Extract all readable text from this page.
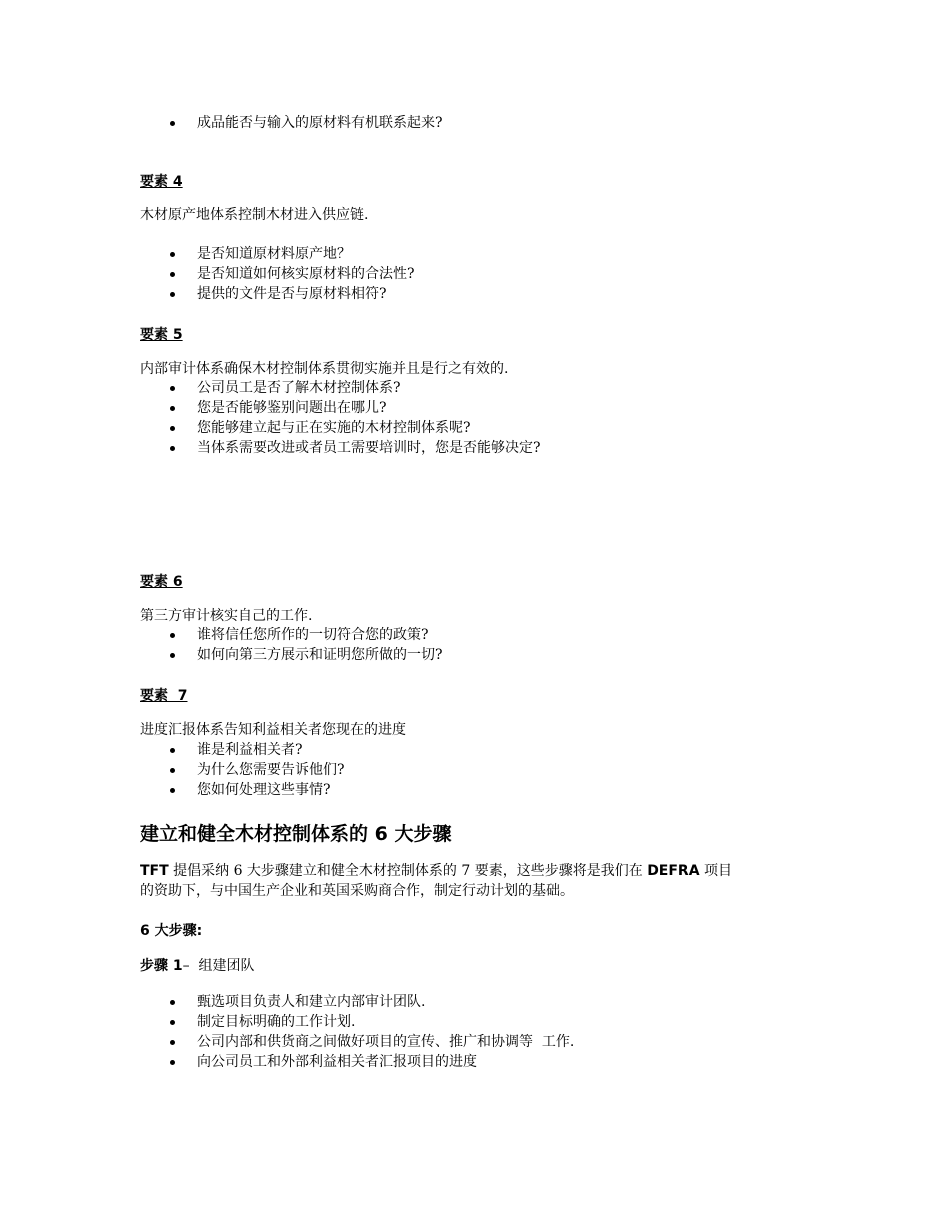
成品能否与输入的原材料有机联系起来?
要素 4
木材原产地体系控制木材进入供应链.
是否知道原材料原产地？
是否知道如何核实原材料的合法性?
提供的文件是否与原材料相符?
要素 5
内部审计体系确保木材控制体系贯彻实施并且是行之有效的.
公司员工是否了解木材控制体系?
您是否能够鉴别问题出在哪儿?
您能够建立起与正在实施的木材控制体系呢?
当体系需要改进或者员工需要培训时，您是否能够决定?
要素 6
第三方审计核实自己的工作.
谁将信任您所作的一切符合您的政策?
如何向第三方展示和证明您所做的一切?
要素  7
进度汇报体系告知利益相关者您现在的进度
谁是利益相关者?
为什么您需要告诉他们?
您如何处理这些事情?
建立和健全木材控制体系的 6 大步骤
TFT 提倡采纳 6 大步骤建立和健全木材控制体系的 7 要素，这些步骤将是我们在 DEFRA 项目
的资助下，与中国生产企业和英国采购商合作，制定行动计划的基础。
6 大步骤:
步骤 1–  组建团队
甄选项目负责人和建立内部审计团队.
制定目标明确的工作计划.
公司内部和供货商之间做好项目的宣传、推广和协调等  工作.
向公司员工和外部利益相关者汇报项目的进度
